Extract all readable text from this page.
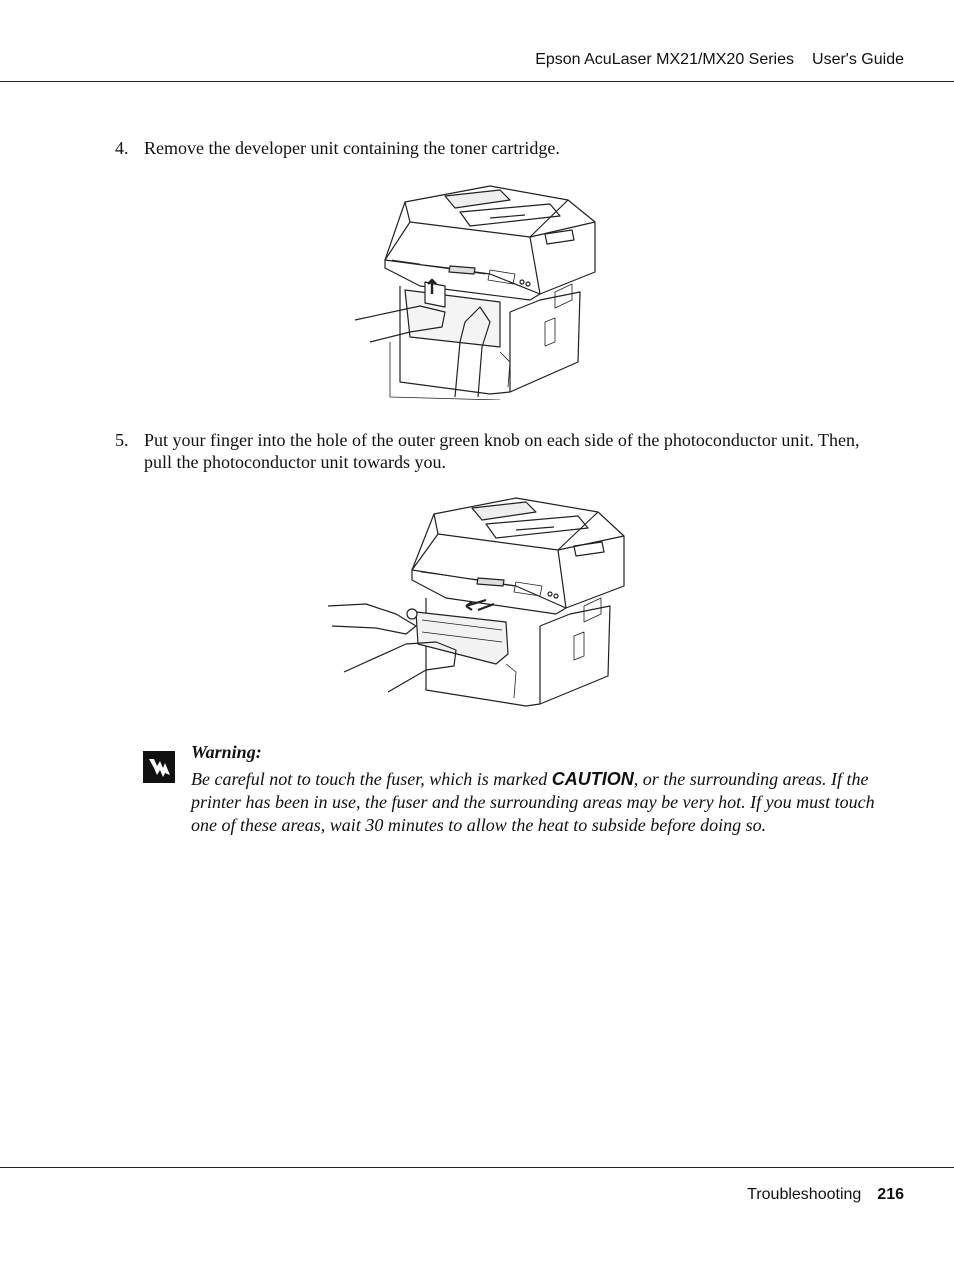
Epson AcuLaser MX21/MX20 Series User's Guide
4. Remove the developer unit containing the toner cartridge.
5. Put your finger into the hole of the outer green knob on each side of the photoconductor unit. Then, pull the photoconductor unit towards you.
Warning:
Be careful not to touch the fuser, which is marked CAUTION, or the surrounding areas. If the printer has been in use, the fuser and the surrounding areas may be very hot. If you must touch one of these areas, wait 30 minutes to allow the heat to subside before doing so.
Troubleshooting 216
